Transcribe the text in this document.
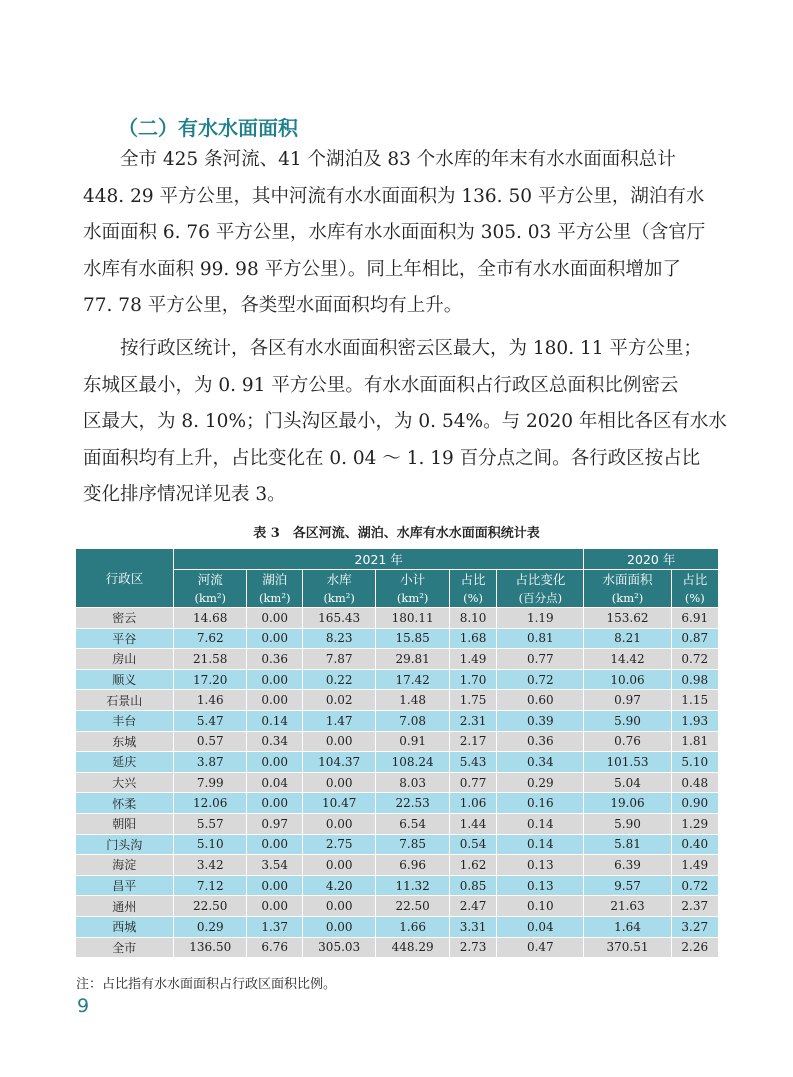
（二）有水水面面积
　　全市 425 条河流、41 个湖泊及 83 个水库的年末有水水面面积总计
448. 29 平方公里，其中河流有水水面面积为 136. 50 平方公里，湖泊有水
水面面积 6. 76 平方公里，水库有水水面面积为 305. 03 平方公里（含官厅
水库有水面积 99. 98 平方公里）。同上年相比，全市有水水面面积增加了
77. 78 平方公里，各类型水面面积均有上升。
　　按行政区统计，各区有水水面面积密云区最大，为 180. 11 平方公里；
东城区最小，为 0. 91 平方公里。有水水面面积占行政区总面积比例密云
区最大，为 8. 10%；门头沟区最小，为 0. 54%。与 2020 年相比各区有水水
面面积均有上升，占比变化在 0. 04 ～ 1. 19 百分点之间。各行政区按占比
变化排序情况详见表 3。
表 3　各区河流、湖泊、水库有水水面面积统计表
行政区	2021 年						2020 年	
	河流	湖泊	水库	小计	占比	占比变化	水面面积	占比
	(km²)	(km²)	(km²)	(km²)	(%)	(百分点)	(km²)	(%)
密云	14.68	0.00	165.43	180.11	8.10	1.19	153.62	6.91
平谷	7.62	0.00	8.23	15.85	1.68	0.81	8.21	0.87
房山	21.58	0.36	7.87	29.81	1.49	0.77	14.42	0.72
顺义	17.20	0.00	0.22	17.42	1.70	0.72	10.06	0.98
石景山	1.46	0.00	0.02	1.48	1.75	0.60	0.97	1.15
丰台	5.47	0.14	1.47	7.08	2.31	0.39	5.90	1.93
东城	0.57	0.34	0.00	0.91	2.17	0.36	0.76	1.81
延庆	3.87	0.00	104.37	108.24	5.43	0.34	101.53	5.10
大兴	7.99	0.04	0.00	8.03	0.77	0.29	5.04	0.48
怀柔	12.06	0.00	10.47	22.53	1.06	0.16	19.06	0.90
朝阳	5.57	0.97	0.00	6.54	1.44	0.14	5.90	1.29
门头沟	5.10	0.00	2.75	7.85	0.54	0.14	5.81	0.40
海淀	3.42	3.54	0.00	6.96	1.62	0.13	6.39	1.49
昌平	7.12	0.00	4.20	11.32	0.85	0.13	9.57	0.72
通州	22.50	0.00	0.00	22.50	2.47	0.10	21.63	2.37
西城	0.29	1.37	0.00	1.66	3.31	0.04	1.64	3.27
全市	136.50	6.76	305.03	448.29	2.73	0.47	370.51	2.26
注：占比指有水水面面积占行政区面积比例。
9
